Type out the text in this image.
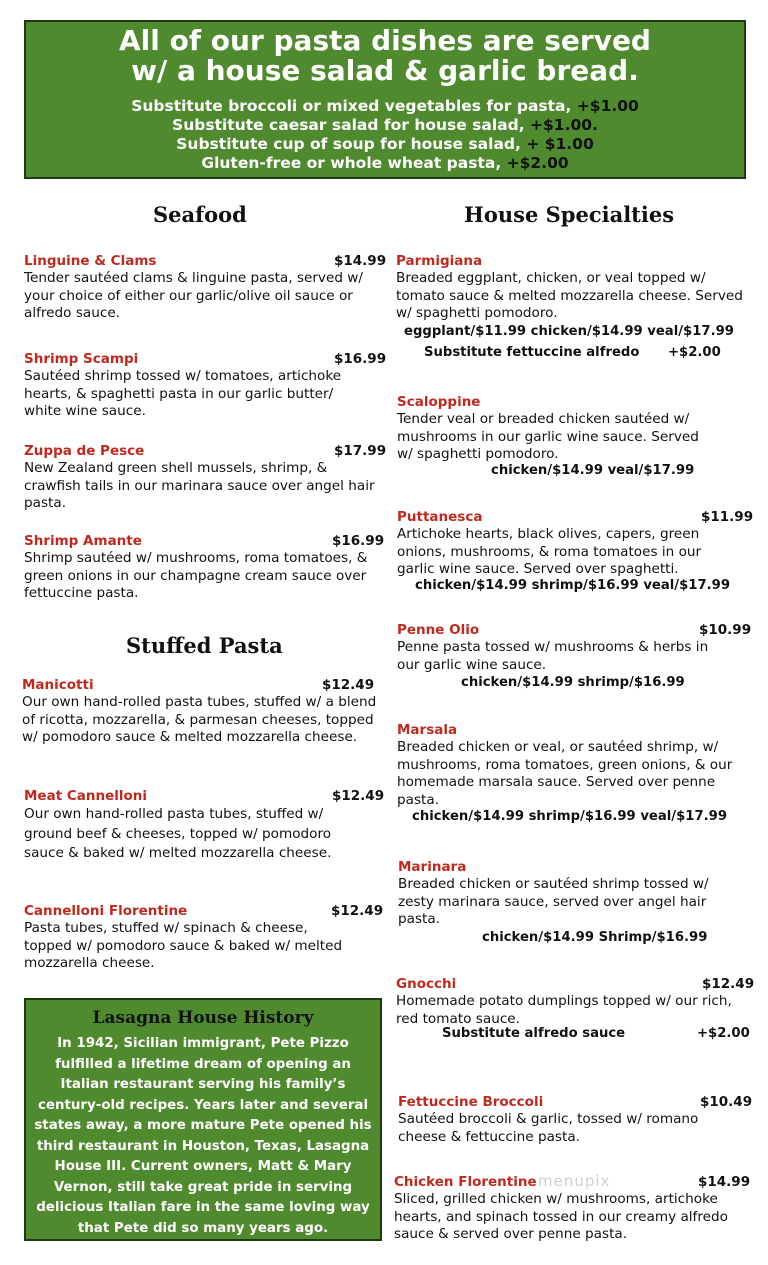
All of our pasta dishes are served
w/ a house salad & garlic bread.
Substitute broccoli or mixed vegetables for pasta, +$1.00
Substitute caesar salad for house salad, +$1.00.
Substitute cup of soup for house salad, + $1.00
Gluten-free or whole wheat pasta, +$2.00
Seafood
Linguine & Clams	$14.99
Tender sautéed clams & linguine pasta, served w/ your choice of either our garlic/olive oil sauce or alfredo sauce.
Shrimp Scampi	$16.99
Sautéed shrimp tossed w/ tomatoes, artichoke hearts, & spaghetti pasta in our garlic butter/ white wine sauce.
Zuppa de Pesce	$17.99
New Zealand green shell mussels, shrimp, & crawfish tails in our marinara sauce over angel hair pasta.
Shrimp Amante	$16.99
Shrimp sautéed w/ mushrooms, roma tomatoes, & green onions in our champagne cream sauce over fettuccine pasta.
Stuffed Pasta
Manicotti	$12.49
Our own hand-rolled pasta tubes, stuffed w/ a blend of ricotta, mozzarella, & parmesan cheeses, topped w/ pomodoro sauce & melted mozzarella cheese.
Meat Cannelloni	$12.49
Our own hand-rolled pasta tubes, stuffed w/ ground beef & cheeses, topped w/ pomodoro sauce & baked w/ melted mozzarella cheese.
Cannelloni Florentine	$12.49
Pasta tubes, stuffed w/ spinach & cheese, topped w/ pomodoro sauce & baked w/ melted mozzarella cheese.
Lasagna House History
In 1942, Sicilian immigrant, Pete Pizzo fulfilled a lifetime dream of opening an Italian restaurant serving his family’s century-old recipes. Years later and several states away, a more mature Pete opened his third restaurant in Houston, Texas, Lasagna House III. Current owners, Matt & Mary Vernon, still take great pride in serving delicious Italian fare in the same loving way that Pete did so many years ago.
House Specialties
Parmigiana
Breaded eggplant, chicken, or veal topped w/ tomato sauce & melted mozzarella cheese. Served w/ spaghetti pomodoro.
eggplant/$11.99 chicken/$14.99 veal/$17.99
Substitute fettuccine alfredo +$2.00
Scaloppine
Tender veal or breaded chicken sautéed w/ mushrooms in our garlic wine sauce. Served w/ spaghetti pomodoro.
chicken/$14.99 veal/$17.99
Puttanesca	$11.99
Artichoke hearts, black olives, capers, green onions, mushrooms, & roma tomatoes in our garlic wine sauce. Served over spaghetti.
chicken/$14.99 shrimp/$16.99 veal/$17.99
Penne Olio	$10.99
Penne pasta tossed w/ mushrooms & herbs in our garlic wine sauce.
chicken/$14.99 shrimp/$16.99
Marsala
Breaded chicken or veal, or sautéed shrimp, w/ mushrooms, roma tomatoes, green onions, & our homemade marsala sauce. Served over penne pasta.
chicken/$14.99 shrimp/$16.99 veal/$17.99
Marinara
Breaded chicken or sautéed shrimp tossed w/ zesty marinara sauce, served over angel hair pasta.
chicken/$14.99 Shrimp/$16.99
Gnocchi	$12.49
Homemade potato dumplings topped w/ our rich, red tomato sauce.
Substitute alfredo sauce	+$2.00
Fettuccine Broccoli	$10.49
Sautéed broccoli & garlic, tossed w/ romano cheese & fettuccine pasta.
Chicken Florentine	$14.99
Sliced, grilled chicken w/ mushrooms, artichoke hearts, and spinach tossed in our creamy alfredo sauce & served over penne pasta.
menupix
